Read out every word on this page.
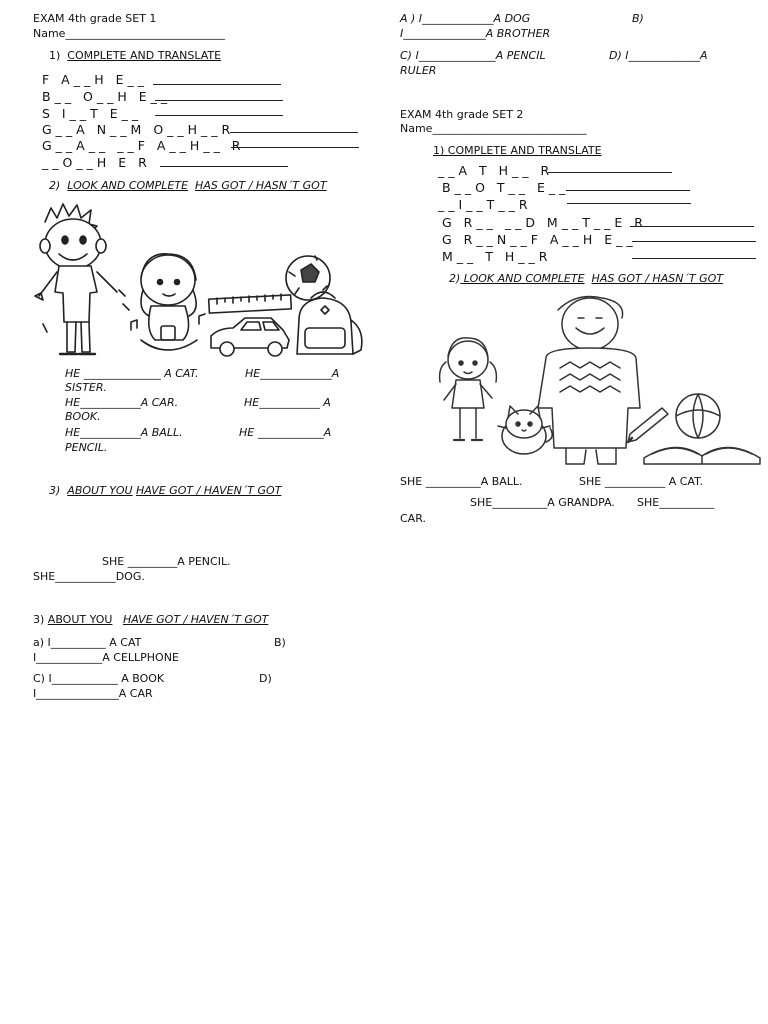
EXAM 4th grade SET 1
Name_____________________________
1) COMPLETE AND TRANSLATE
F A__H E__
B__ O__H E__
S I__T E__
G__A N__M O__H__R
G__A__ __F A__H__ R
__O__H E R
2) LOOK AND COMPLETE HAS GOT / HASN´T GOT
HE ______________ A CAT.	HE_____________A
SISTER.
HE___________A CAR.	HE___________ A
BOOK.
HE___________A BALL.	HE ____________A
PENCIL.
3) ABOUT YOU HAVE GOT / HAVEN´T GOT
A ) I_____________A DOG	B)
I_______________A BROTHER
C) I______________A PENCIL	D) I_____________A
RULER
EXAM 4th grade SET 2
Name____________________________
1) COMPLETE AND TRANSLATE
__A T H__ R
B__O T__ E__
__I__T__R
G R__ __D M__T__E R
G R__N__F A__H E__
M__ T H__R
2) LOOK AND COMPLETE HAS GOT / HASN´T GOT
SHE __________A BALL.	SHE ___________ A CAT.
SHE__________A GRANDPA. SHE__________
CAR.
SHE _________A PENCIL.
SHE___________DOG.
3) ABOUT YOU HAVE GOT / HAVEN´T GOT
a) I__________ A CAT	B)
I____________A CELLPHONE
C) I____________ A BOOK	D)
I_______________A CAR
